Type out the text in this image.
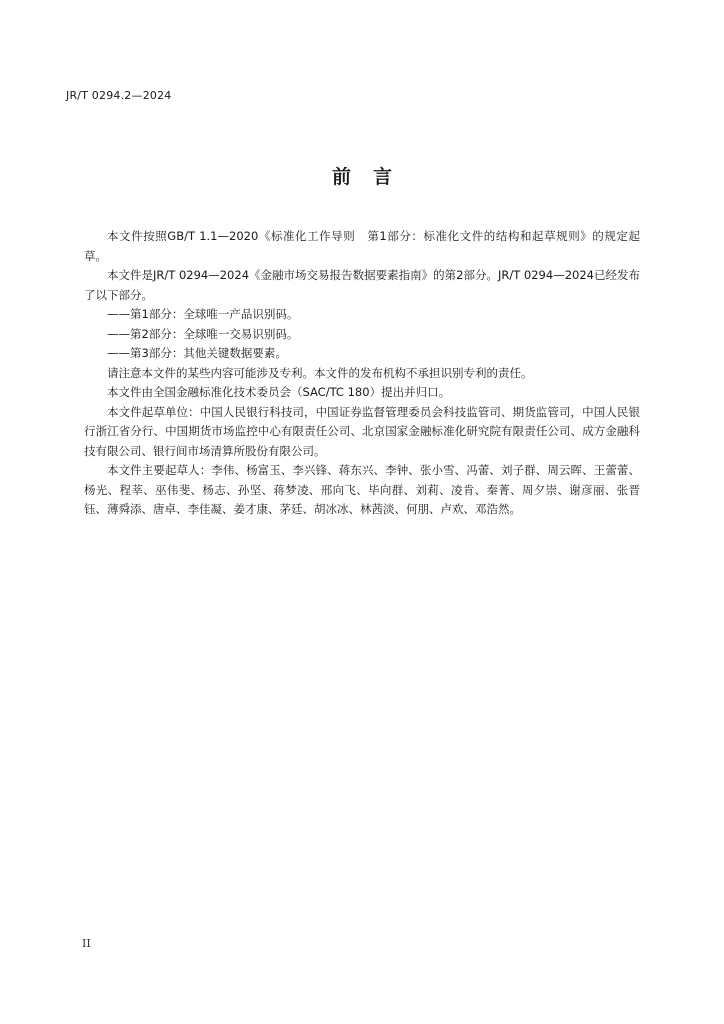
JR/T 0294.2—2024
前言

本文件按照GB/T 1.1—2020《标准化工作导则　第1部分：标准化文件的结构和起草规则》的规定起草。

本文件是JR/T 0294—2024《金融市场交易报告数据要素指南》的第2部分。JR/T 0294—2024已经发布了以下部分。

——第1部分：全球唯一产品识别码。

——第2部分：全球唯一交易识别码。

——第3部分：其他关键数据要素。

请注意本文件的某些内容可能涉及专利。本文件的发布机构不承担识别专利的责任。

本文件由全国金融标准化技术委员会（SAC/TC 180）提出并归口。

本文件起草单位：中国人民银行科技司，中国证券监督管理委员会科技监管司、期货监管司，中国人民银行浙江省分行、中国期货市场监控中心有限责任公司、北京国家金融标准化研究院有限责任公司、成方金融科技有限公司、银行间市场清算所股份有限公司。

本文件主要起草人：李伟、杨富玉、李兴锋、蒋东兴、李钟、张小雪、冯蕾、刘子群、周云晖、王蕾蕾、杨光、程莘、巫伟斐、杨志、孙坚、蒋梦凌、邢向飞、毕向群、刘莉、凌肯、秦菁、周夕崇、谢彦丽、张晋钰、薄舜添、唐卓、李佳凝、姜才康、茅廷、胡冰冰、林茜淡、何朋、卢欢、邓浩然。

II
